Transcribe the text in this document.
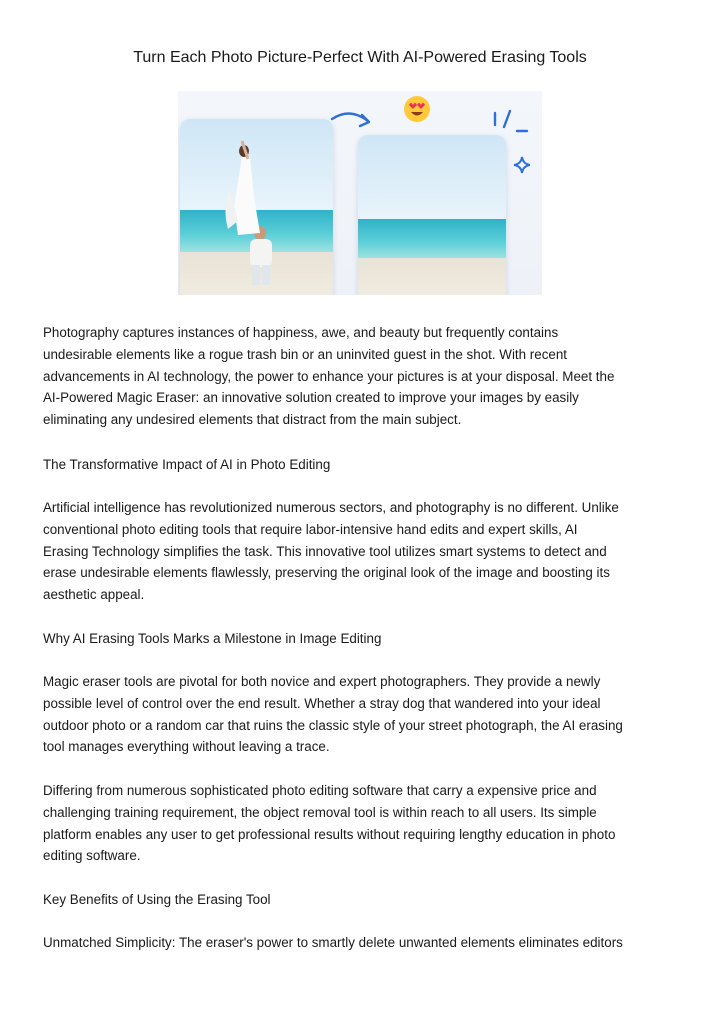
Turn Each Photo Picture-Perfect With AI-Powered Erasing Tools

Photography captures instances of happiness, awe, and beauty but frequently contains
undesirable elements like a rogue trash bin or an uninvited guest in the shot. With recent
advancements in AI technology, the power to enhance your pictures is at your disposal. Meet the
AI-Powered Magic Eraser: an innovative solution created to improve your images by easily
eliminating any undesired elements that distract from the main subject.

The Transformative Impact of AI in Photo Editing

Artificial intelligence has revolutionized numerous sectors, and photography is no different. Unlike
conventional photo editing tools that require labor-intensive hand edits and expert skills, AI
Erasing Technology simplifies the task. This innovative tool utilizes smart systems to detect and
erase undesirable elements flawlessly, preserving the original look of the image and boosting its
aesthetic appeal.

Why AI Erasing Tools Marks a Milestone in Image Editing

Magic eraser tools are pivotal for both novice and expert photographers. They provide a newly
possible level of control over the end result. Whether a stray dog that wandered into your ideal
outdoor photo or a random car that ruins the classic style of your street photograph, the AI erasing
tool manages everything without leaving a trace.

Differing from numerous sophisticated photo editing software that carry a expensive price and
challenging training requirement, the object removal tool is within reach to all users. Its simple
platform enables any user to get professional results without requiring lengthy education in photo
editing software.

Key Benefits of Using the Erasing Tool

Unmatched Simplicity: The eraser's power to smartly delete unwanted elements eliminates editors
